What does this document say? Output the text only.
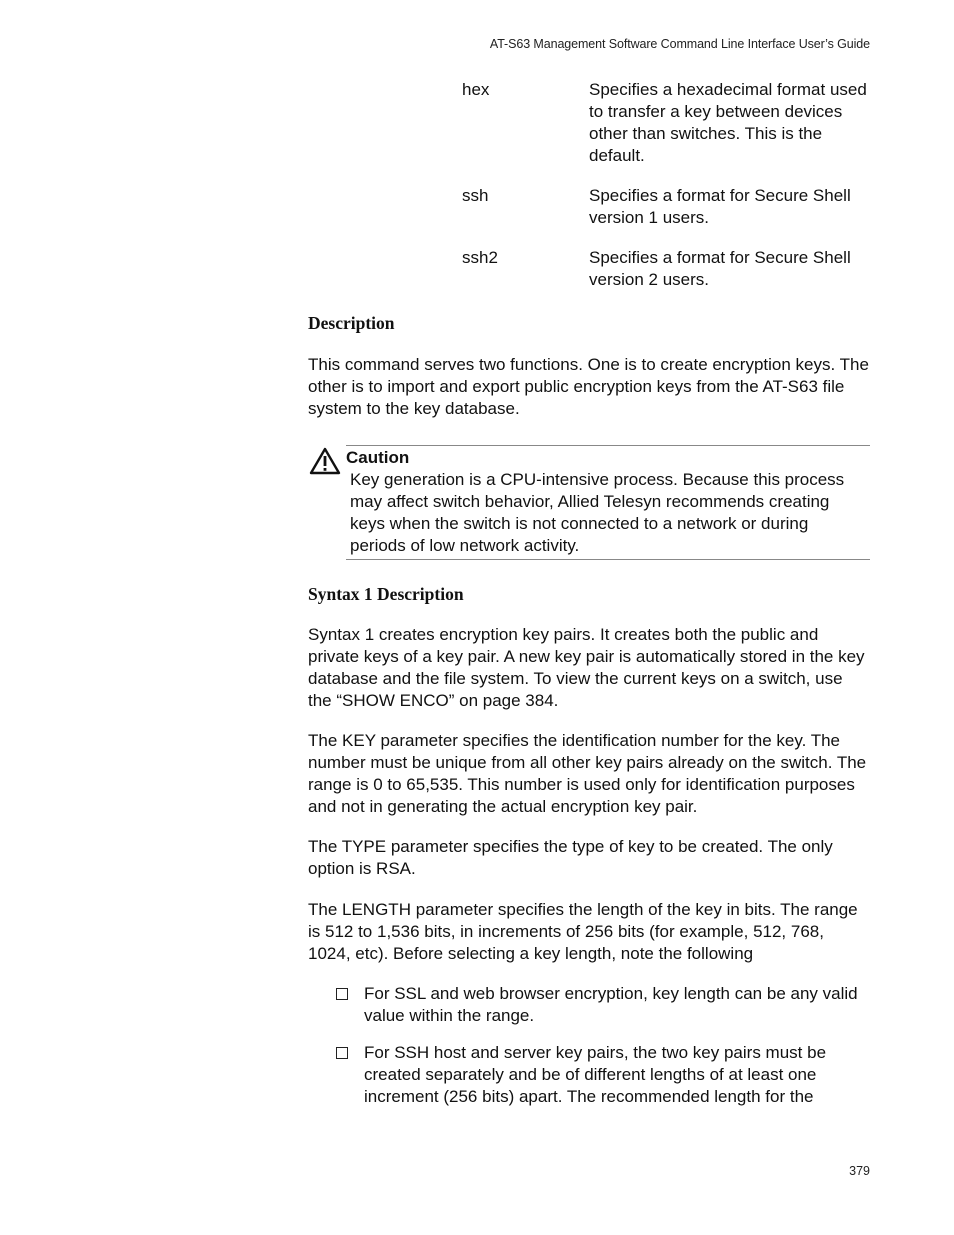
AT-S63 Management Software Command Line Interface User’s Guide
hex	Specifies a hexadecimal format used to transfer a key between devices other than switches. This is the default.
ssh	Specifies a format for Secure Shell version 1 users.
ssh2	Specifies a format for Secure Shell version 2 users.
Description
This command serves two functions. One is to create encryption keys. The other is to import and export public encryption keys from the AT-S63 file system to the key database.
Caution
Key generation is a CPU-intensive process. Because this process may affect switch behavior, Allied Telesyn recommends creating keys when the switch is not connected to a network or during periods of low network activity.
Syntax 1 Description
Syntax 1 creates encryption key pairs. It creates both the public and private keys of a key pair. A new key pair is automatically stored in the key database and the file system. To view the current keys on a switch, use the “SHOW ENCO” on page 384.
The KEY parameter specifies the identification number for the key. The number must be unique from all other key pairs already on the switch. The range is 0 to 65,535. This number is used only for identification purposes and not in generating the actual encryption key pair.
The TYPE parameter specifies the type of key to be created. The only option is RSA.
The LENGTH parameter specifies the length of the key in bits. The range is 512 to 1,536 bits, in increments of 256 bits (for example, 512, 768, 1024, etc). Before selecting a key length, note the following
For SSL and web browser encryption, key length can be any valid value within the range.
For SSH host and server key pairs, the two key pairs must be created separately and be of different lengths of at least one increment (256 bits) apart. The recommended length for the
379
